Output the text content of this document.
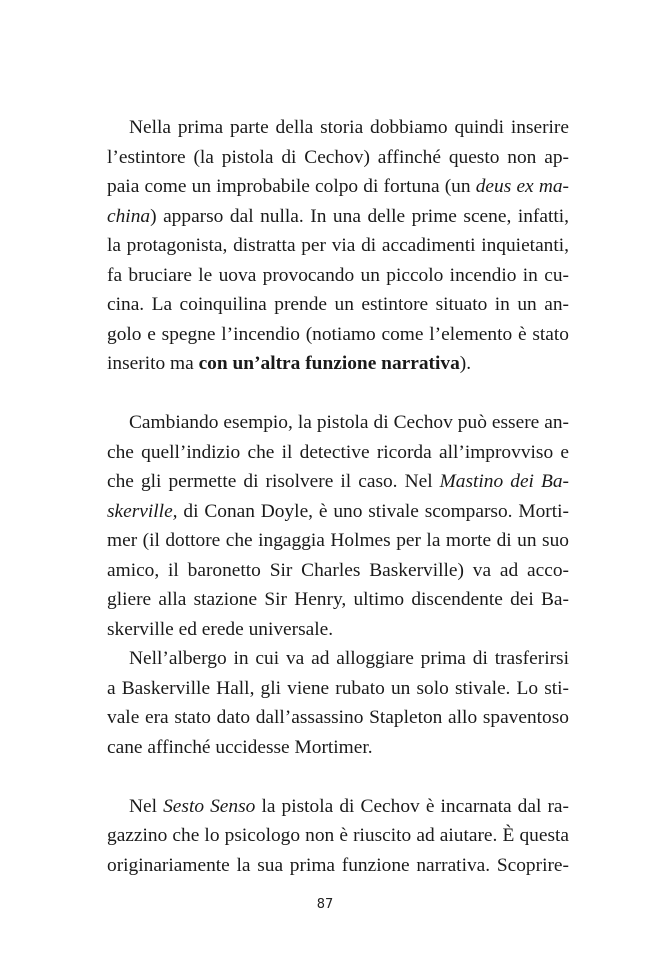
Nella prima parte della storia dobbiamo quindi inserire
l’estintore (la pistola di Cechov) affinché questo non ap-
paia come un improbabile colpo di fortuna (un deus ex ma-
china) apparso dal nulla. In una delle prime scene, infatti,
la protagonista, distratta per via di accadimenti inquietanti,
fa bruciare le uova provocando un piccolo incendio in cu-
cina. La coinquilina prende un estintore situato in un an-
golo e spegne l’incendio (notiamo come l’elemento è stato
inserito ma con un’altra funzione narrativa).
Cambiando esempio, la pistola di Cechov può essere an-
che quell’indizio che il detective ricorda all’improvviso e
che gli permette di risolvere il caso. Nel Mastino dei Ba-
skerville, di Conan Doyle, è uno stivale scomparso. Morti-
mer (il dottore che ingaggia Holmes per la morte di un suo
amico, il baronetto Sir Charles Baskerville) va ad acco-
gliere alla stazione Sir Henry, ultimo discendente dei Ba-
skerville ed erede universale.
Nell’albergo in cui va ad alloggiare prima di trasferirsi
a Baskerville Hall, gli viene rubato un solo stivale. Lo sti-
vale era stato dato dall’assassino Stapleton allo spaventoso
cane affinché uccidesse Mortimer.
Nel Sesto Senso la pistola di Cechov è incarnata dal ra-
gazzino che lo psicologo non è riuscito ad aiutare. È questa
originariamente la sua prima funzione narrativa. Scoprire-
87
